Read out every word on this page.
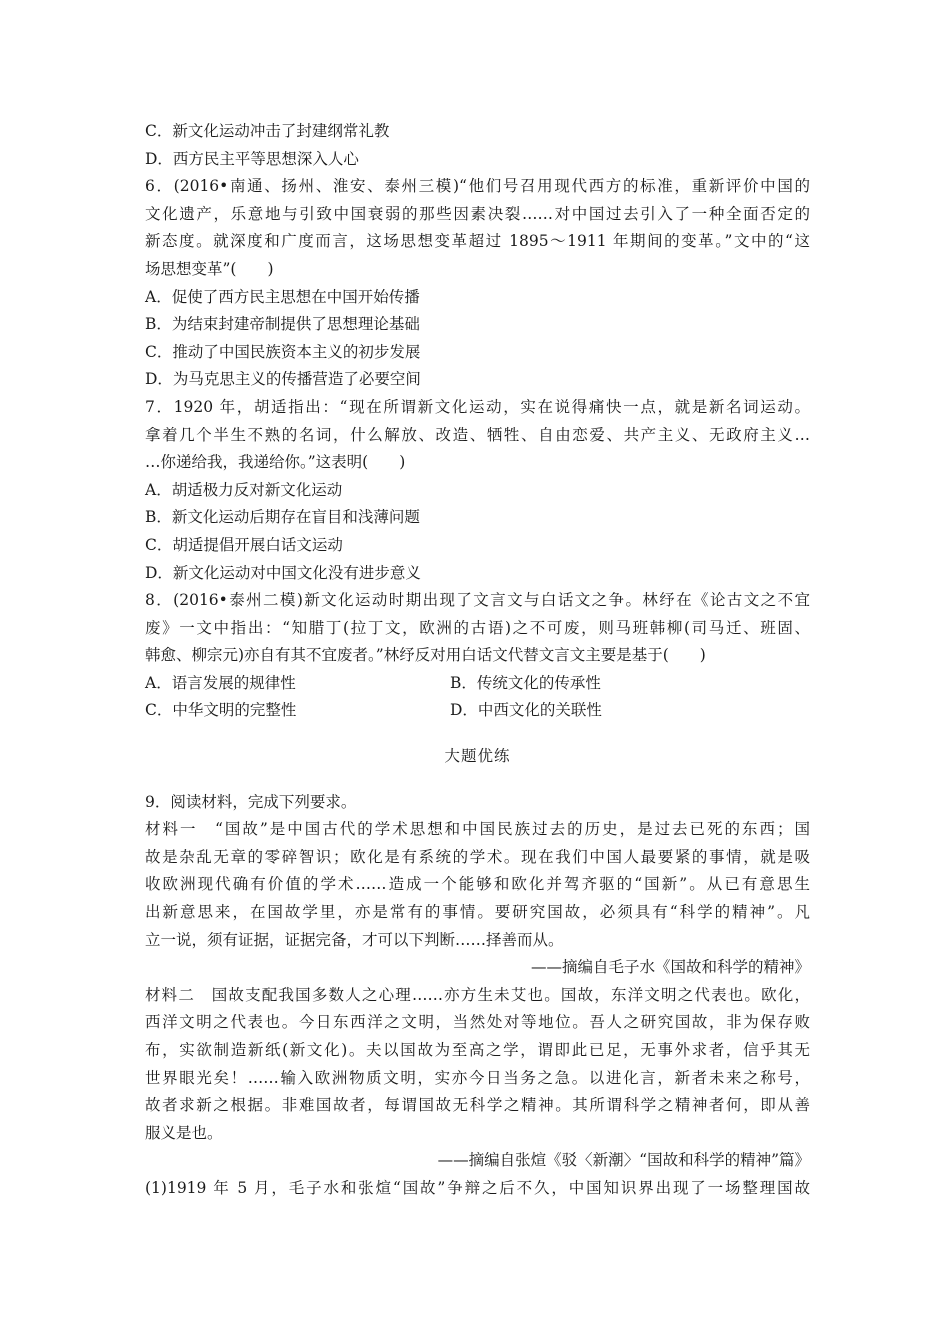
C．新文化运动冲击了封建纲常礼教
D．西方民主平等思想深入人心
6．(2016•南通、扬州、淮安、泰州三模)“他们号召用现代西方的标准，重新评价中国的
文化遗产，乐意地与引致中国衰弱的那些因素决裂……对中国过去引入了一种全面否定的
新态度。就深度和广度而言，这场思想变革超过 1895～1911 年期间的变革。”文中的“这
场思想变革”(　　)
A．促使了西方民主思想在中国开始传播
B．为结束封建帝制提供了思想理论基础
C．推动了中国民族资本主义的初步发展
D．为马克思主义的传播营造了必要空间
7．1920 年，胡适指出：“现在所谓新文化运动，实在说得痛快一点，就是新名词运动。
拿着几个半生不熟的名词，什么解放、改造、牺牲、自由恋爱、共产主义、无政府主义…
…你递给我，我递给你。”这表明(　　)
A．胡适极力反对新文化运动
B．新文化运动后期存在盲目和浅薄问题
C．胡适提倡开展白话文运动
D．新文化运动对中国文化没有进步意义
8．(2016•泰州二模)新文化运动时期出现了文言文与白话文之争。林纾在《论古文之不宜
废》一文中指出：“知腊丁(拉丁文，欧洲的古语)之不可废，则马班韩柳(司马迁、班固、
韩愈、柳宗元)亦自有其不宜废者。”林纾反对用白话文代替文言文主要是基于(　　)
A．语言发展的规律性	B．传统文化的传承性
C．中华文明的完整性	D．中西文化的关联性
大题优练
9．阅读材料，完成下列要求。
材料一　“国故”是中国古代的学术思想和中国民族过去的历史，是过去已死的东西；国
故是杂乱无章的零碎智识；欧化是有系统的学术。现在我们中国人最要紧的事情，就是吸
收欧洲现代确有价值的学术……造成一个能够和欧化并驾齐驱的“国新”。从已有意思生
出新意思来，在国故学里，亦是常有的事情。要研究国故，必须具有“科学的精神”。凡
立一说，须有证据，证据完备，才可以下判断……择善而从。
——摘编自毛子水《国故和科学的精神》
材料二　国故支配我国多数人之心理……亦方生未艾也。国故，东洋文明之代表也。欧化，
西洋文明之代表也。今日东西洋之文明，当然处对等地位。吾人之研究国故，非为保存败
布，实欲制造新纸(新文化)。夫以国故为至高之学，谓即此已足，无事外求者，信乎其无
世界眼光矣！……输入欧洲物质文明，实亦今日当务之急。以进化言，新者未来之称号，
故者求新之根据。非难国故者，每谓国故无科学之精神。其所谓科学之精神者何，即从善
服义是也。
——摘编自张煊《驳〈新潮〉“国故和科学的精神”篇》
(1)1919 年 5 月，毛子水和张煊“国故”争辩之后不久，中国知识界出现了一场整理国故
